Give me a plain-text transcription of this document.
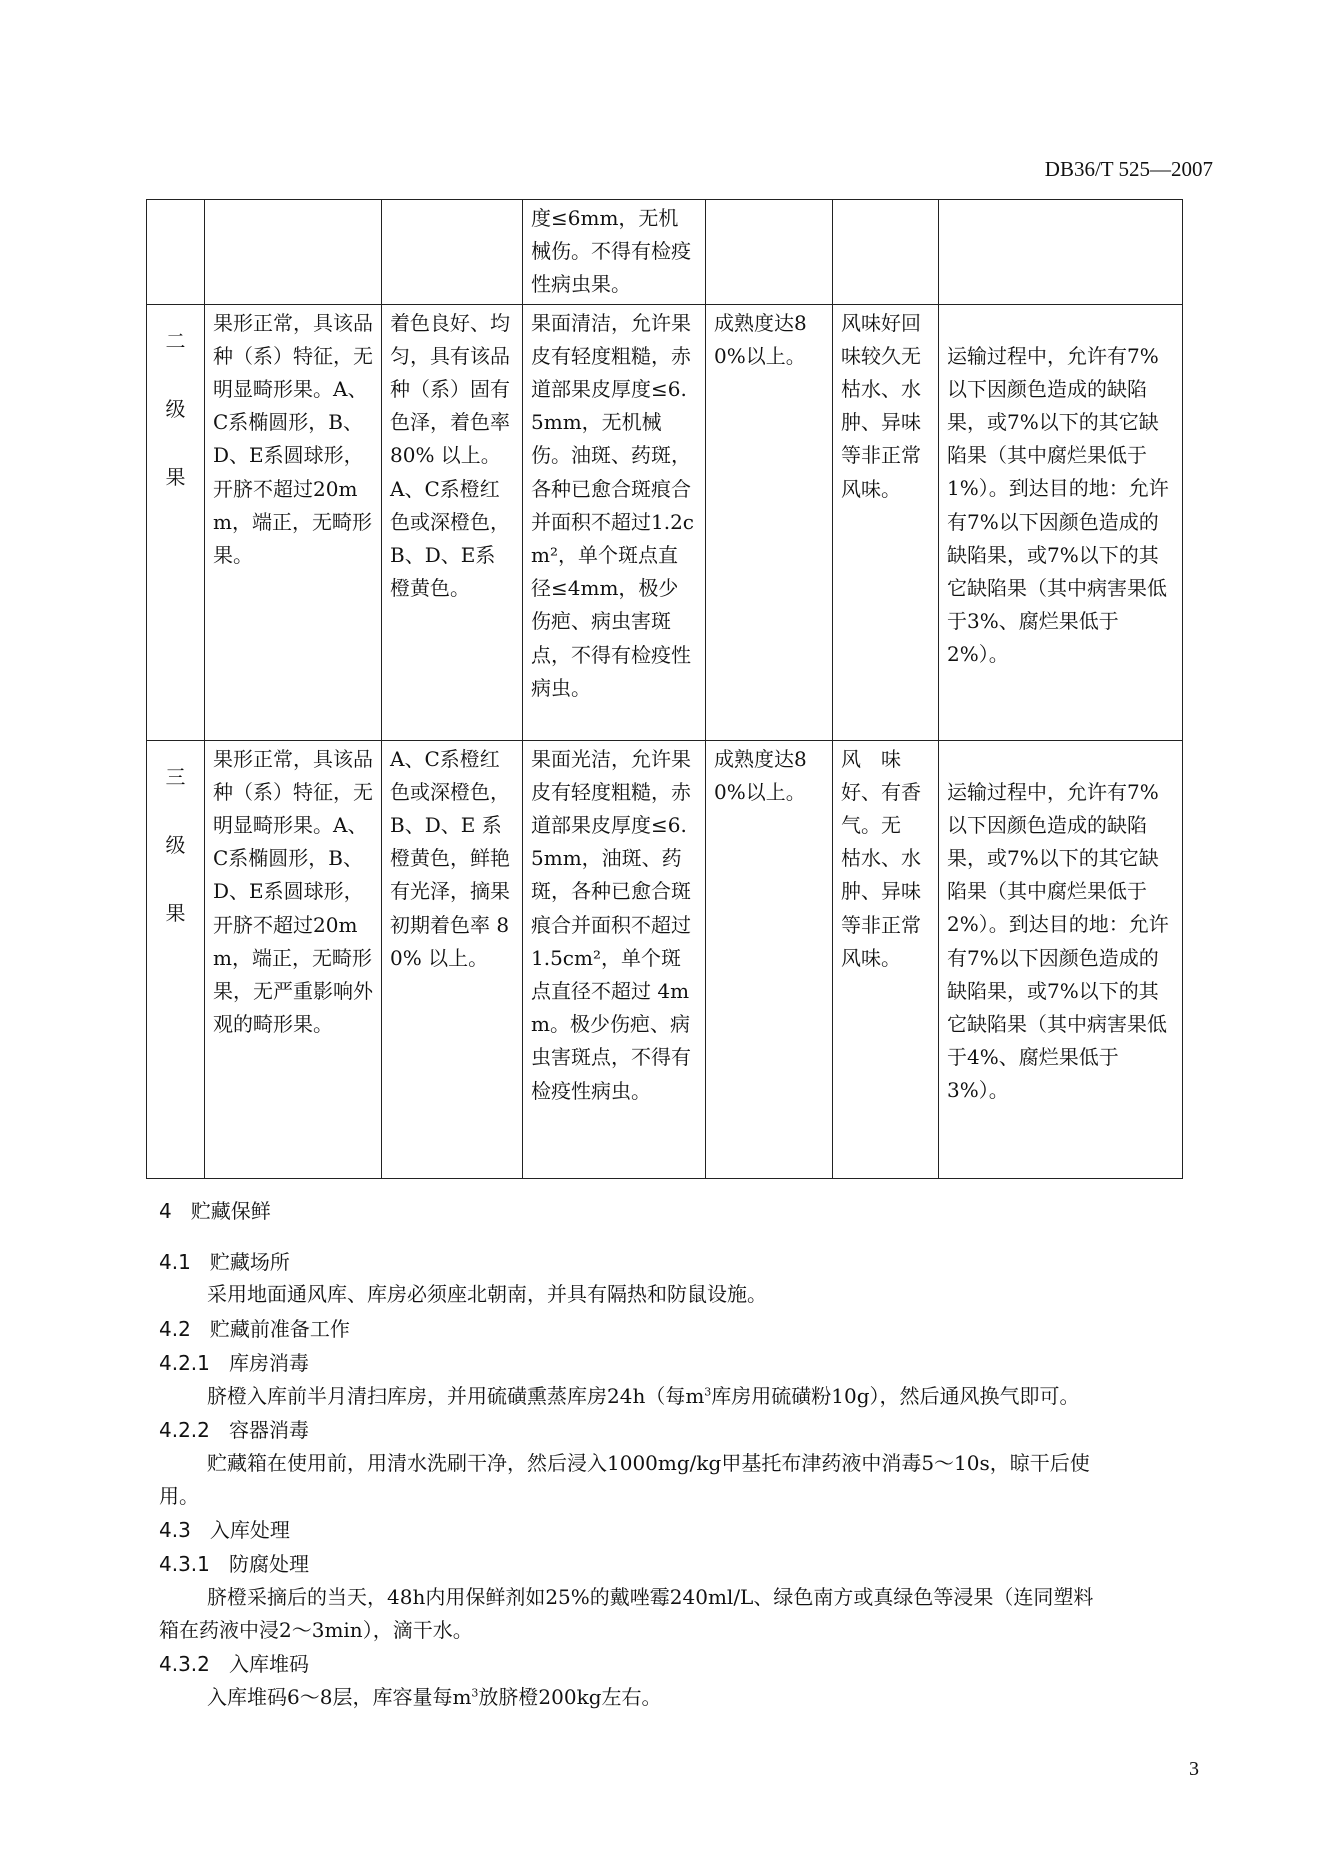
DB36/T 525—2007
			度≤6mm，无机械伤。不得有检疫性病虫果。			

二
级
果	果形正常，具该品种（系）特征，无明显畸形果。A、C系椭圆形，B、D、E系圆球形，开脐不超过20mm，端正，无畸形果。	着色良好、均匀，具有该品种（系）固有色泽，着色率 80% 以上。A、C系橙红色或深橙色，B、D、E系橙黄色。	果面清洁，允许果皮有轻度粗糙，赤道部果皮厚度≤6.5mm，无机械伤。油斑、药斑，各种已愈合斑痕合并面积不超过1.2cm²，单个斑点直径≤4mm，极少伤疤、病虫害斑点，不得有检疫性病虫。	成熟度达80%以上。	风味好回味较久无枯水、水肿、异味等非正常风味。	运输过程中，允许有7%以下因颜色造成的缺陷果，或7%以下的其它缺陷果（其中腐烂果低于1%）。到达目的地：允许有7%以下因颜色造成的缺陷果，或7%以下的其它缺陷果（其中病害果低于3%、腐烂果低于2%）。

三
级
果	果形正常，具该品种（系）特征，无明显畸形果。A、C系椭圆形，B、D、E系圆球形，开脐不超过20mm，端正，无畸形果，无严重影响外观的畸形果。	A、C系橙红色或深橙色，B、D、E 系橙黄色，鲜艳有光泽，摘果初期着色率 80% 以上。	果面光洁，允许果皮有轻度粗糙，赤道部果皮厚度≤6.5mm，油斑、药斑，各种已愈合斑痕合并面积不超过1.5cm²，单个斑点直径不超过 4mm。极少伤疤、病虫害斑点，不得有检疫性病虫。	成熟度达80%以上。	风　味好、有香气。无　枯水、水肿、异味等非正常风味。	运输过程中，允许有7%以下因颜色造成的缺陷果，或7%以下的其它缺陷果（其中腐烂果低于2%）。到达目的地：允许有7%以下因颜色造成的缺陷果，或7%以下的其它缺陷果（其中病害果低于4%、腐烂果低于3%）。
4 贮藏保鲜
4.1 贮藏场所
采用地面通风库、库房必须座北朝南，并具有隔热和防鼠设施。
4.2 贮藏前准备工作
4.2.1 库房消毒
脐橙入库前半月清扫库房，并用硫磺熏蒸库房24h（每$m^3$库房用硫磺粉10g），然后通风换气即可。
4.2.2 容器消毒
贮藏箱在使用前，用清水洗刷干净，然后浸入1000mg/kg甲基托布津药液中消毒5～10s，晾干后使
用。
4.3 入库处理
4.3.1 防腐处理
脐橙采摘后的当天，48h内用保鲜剂如25%的戴唑霉240ml/L、绿色南方或真绿色等浸果（连同塑料
箱在药液中浸2～3min），滴干水。
4.3.2 入库堆码
入库堆码6～8层，库容量每$m^3$放脐橙200kg左右。
3
